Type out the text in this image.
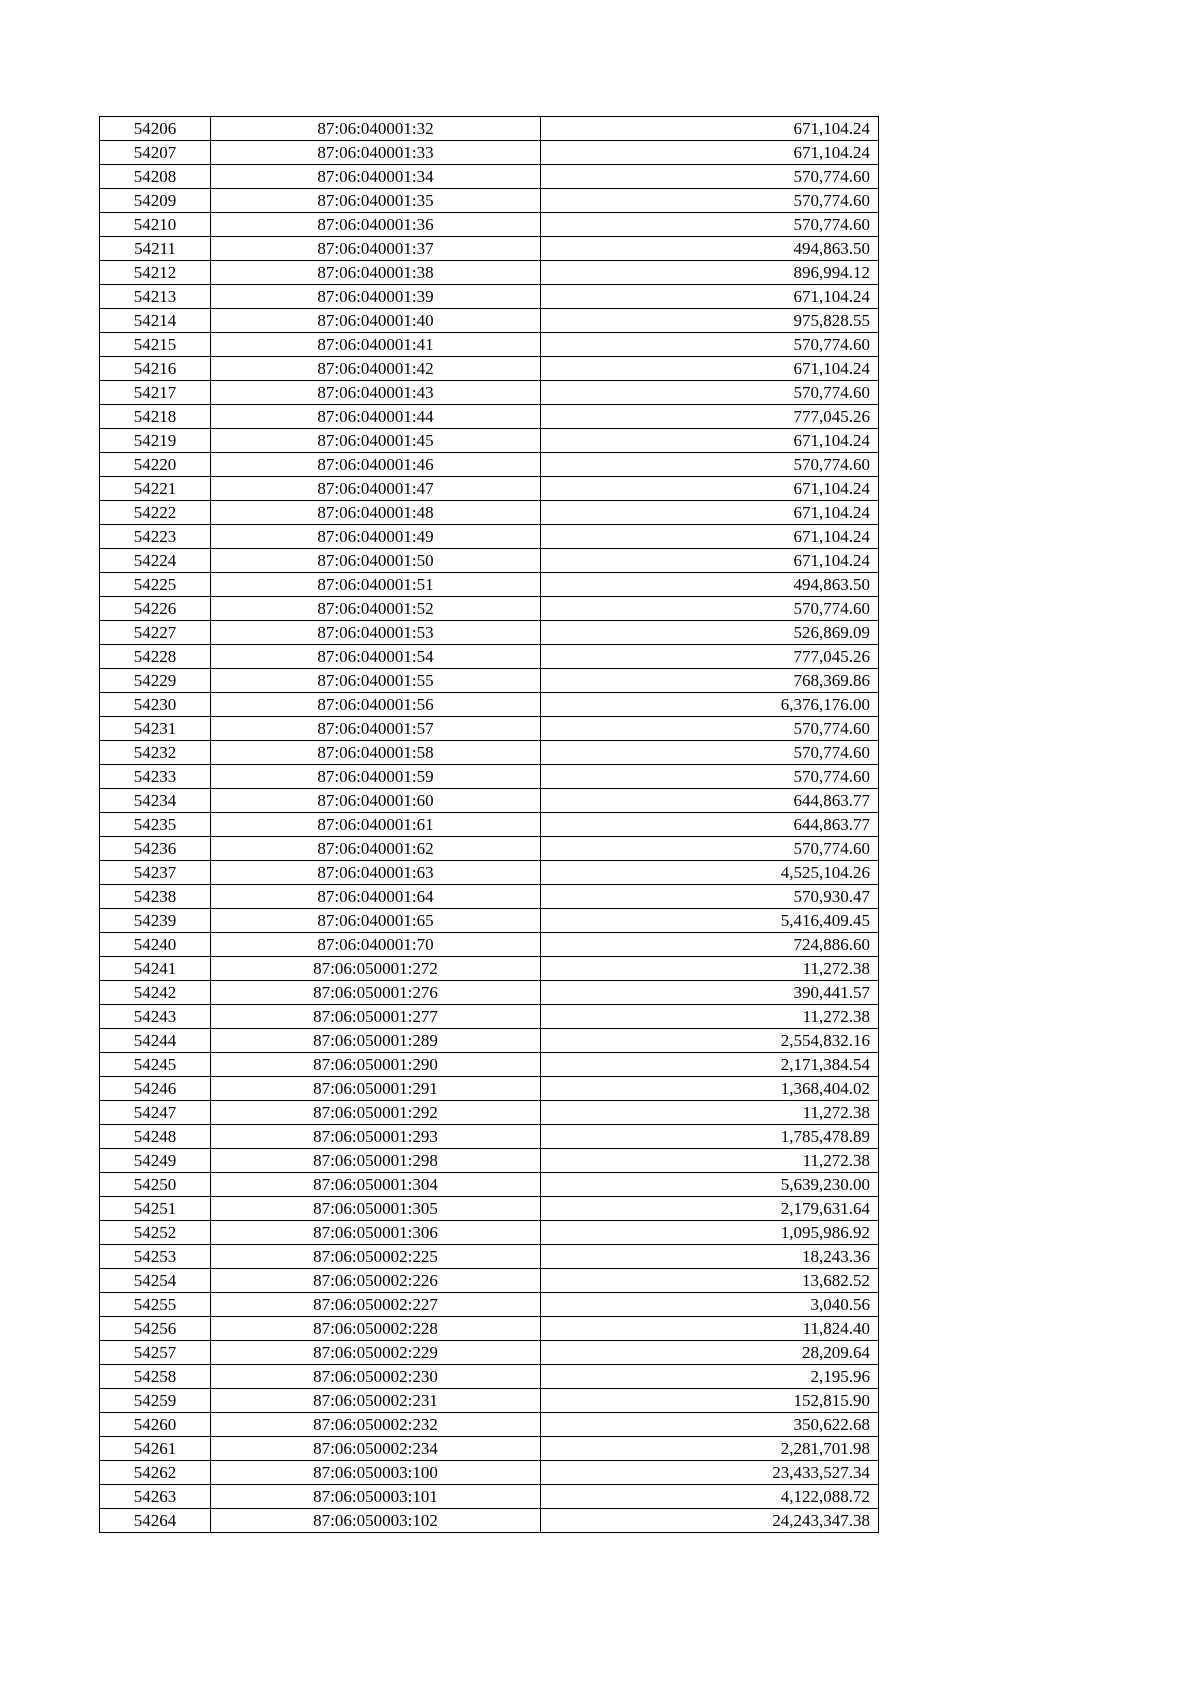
54206	87:06:040001:32	671,104.24
54207	87:06:040001:33	671,104.24
54208	87:06:040001:34	570,774.60
54209	87:06:040001:35	570,774.60
54210	87:06:040001:36	570,774.60
54211	87:06:040001:37	494,863.50
54212	87:06:040001:38	896,994.12
54213	87:06:040001:39	671,104.24
54214	87:06:040001:40	975,828.55
54215	87:06:040001:41	570,774.60
54216	87:06:040001:42	671,104.24
54217	87:06:040001:43	570,774.60
54218	87:06:040001:44	777,045.26
54219	87:06:040001:45	671,104.24
54220	87:06:040001:46	570,774.60
54221	87:06:040001:47	671,104.24
54222	87:06:040001:48	671,104.24
54223	87:06:040001:49	671,104.24
54224	87:06:040001:50	671,104.24
54225	87:06:040001:51	494,863.50
54226	87:06:040001:52	570,774.60
54227	87:06:040001:53	526,869.09
54228	87:06:040001:54	777,045.26
54229	87:06:040001:55	768,369.86
54230	87:06:040001:56	6,376,176.00
54231	87:06:040001:57	570,774.60
54232	87:06:040001:58	570,774.60
54233	87:06:040001:59	570,774.60
54234	87:06:040001:60	644,863.77
54235	87:06:040001:61	644,863.77
54236	87:06:040001:62	570,774.60
54237	87:06:040001:63	4,525,104.26
54238	87:06:040001:64	570,930.47
54239	87:06:040001:65	5,416,409.45
54240	87:06:040001:70	724,886.60
54241	87:06:050001:272	11,272.38
54242	87:06:050001:276	390,441.57
54243	87:06:050001:277	11,272.38
54244	87:06:050001:289	2,554,832.16
54245	87:06:050001:290	2,171,384.54
54246	87:06:050001:291	1,368,404.02
54247	87:06:050001:292	11,272.38
54248	87:06:050001:293	1,785,478.89
54249	87:06:050001:298	11,272.38
54250	87:06:050001:304	5,639,230.00
54251	87:06:050001:305	2,179,631.64
54252	87:06:050001:306	1,095,986.92
54253	87:06:050002:225	18,243.36
54254	87:06:050002:226	13,682.52
54255	87:06:050002:227	3,040.56
54256	87:06:050002:228	11,824.40
54257	87:06:050002:229	28,209.64
54258	87:06:050002:230	2,195.96
54259	87:06:050002:231	152,815.90
54260	87:06:050002:232	350,622.68
54261	87:06:050002:234	2,281,701.98
54262	87:06:050003:100	23,433,527.34
54263	87:06:050003:101	4,122,088.72
54264	87:06:050003:102	24,243,347.38
